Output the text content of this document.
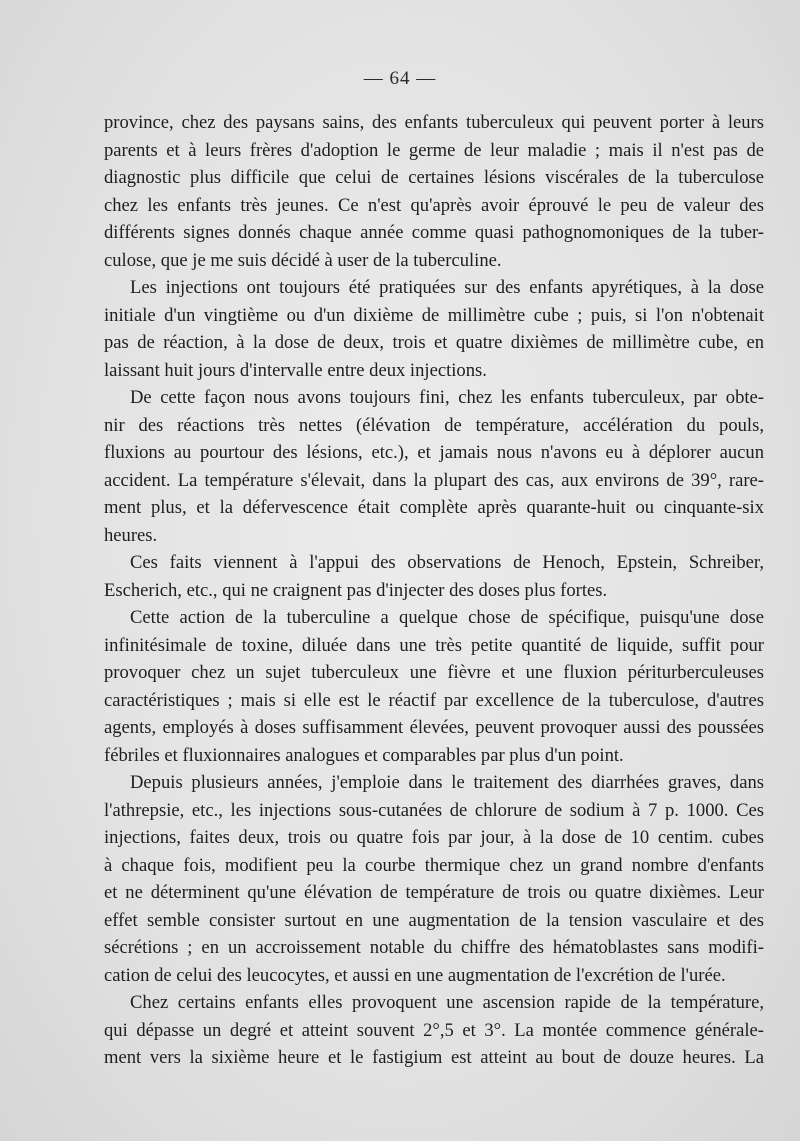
— 64 —
province, chez des paysans sains, des enfants tuberculeux qui peuvent porter à leurs
parents et à leurs frères d'adoption le germe de leur maladie ; mais il n'est pas de
diagnostic plus difficile que celui de certaines lésions viscérales de la tuberculose
chez les enfants très jeunes. Ce n'est qu'après avoir éprouvé le peu de valeur des
différents signes donnés chaque année comme quasi pathognomoniques de la tuber-
culose, que je me suis décidé à user de la tuberculine.
Les injections ont toujours été pratiquées sur des enfants apyrétiques, à la dose
initiale d'un vingtième ou d'un dixième de millimètre cube ; puis, si l'on n'obtenait
pas de réaction, à la dose de deux, trois et quatre dixièmes de millimètre cube, en
laissant huit jours d'intervalle entre deux injections.
De cette façon nous avons toujours fini, chez les enfants tuberculeux, par obte-
nir des réactions très nettes (élévation de température, accélération du pouls,
fluxions au pourtour des lésions, etc.), et jamais nous n'avons eu à déplorer aucun
accident. La température s'élevait, dans la plupart des cas, aux environs de 39°, rare-
ment plus, et la défervescence était complète après quarante-huit ou cinquante-six
heures.
Ces faits viennent à l'appui des observations de Henoch, Epstein, Schreiber,
Escherich, etc., qui ne craignent pas d'injecter des doses plus fortes.
Cette action de la tuberculine a quelque chose de spécifique, puisqu'une dose
infinitésimale de toxine, diluée dans une très petite quantité de liquide, suffit pour
provoquer chez un sujet tuberculeux une fièvre et une fluxion périturberculeuses
caractéristiques ; mais si elle est le réactif par excellence de la tuberculose, d'autres
agents, employés à doses suffisamment élevées, peuvent provoquer aussi des poussées
fébriles et fluxionnaires analogues et comparables par plus d'un point.
Depuis plusieurs années, j'emploie dans le traitement des diarrhées graves, dans
l'athrepsie, etc., les injections sous-cutanées de chlorure de sodium à 7 p. 1000. Ces
injections, faites deux, trois ou quatre fois par jour, à la dose de 10 centim. cubes
à chaque fois, modifient peu la courbe thermique chez un grand nombre d'enfants
et ne déterminent qu'une élévation de température de trois ou quatre dixièmes. Leur
effet semble consister surtout en une augmentation de la tension vasculaire et des
sécrétions ; en un accroissement notable du chiffre des hématoblastes sans modifi-
cation de celui des leucocytes, et aussi en une augmentation de l'excrétion de l'urée.
Chez certains enfants elles provoquent une ascension rapide de la température,
qui dépasse un degré et atteint souvent 2°,5 et 3°. La montée commence générale-
ment vers la sixième heure et le fastigium est atteint au bout de douze heures. La
